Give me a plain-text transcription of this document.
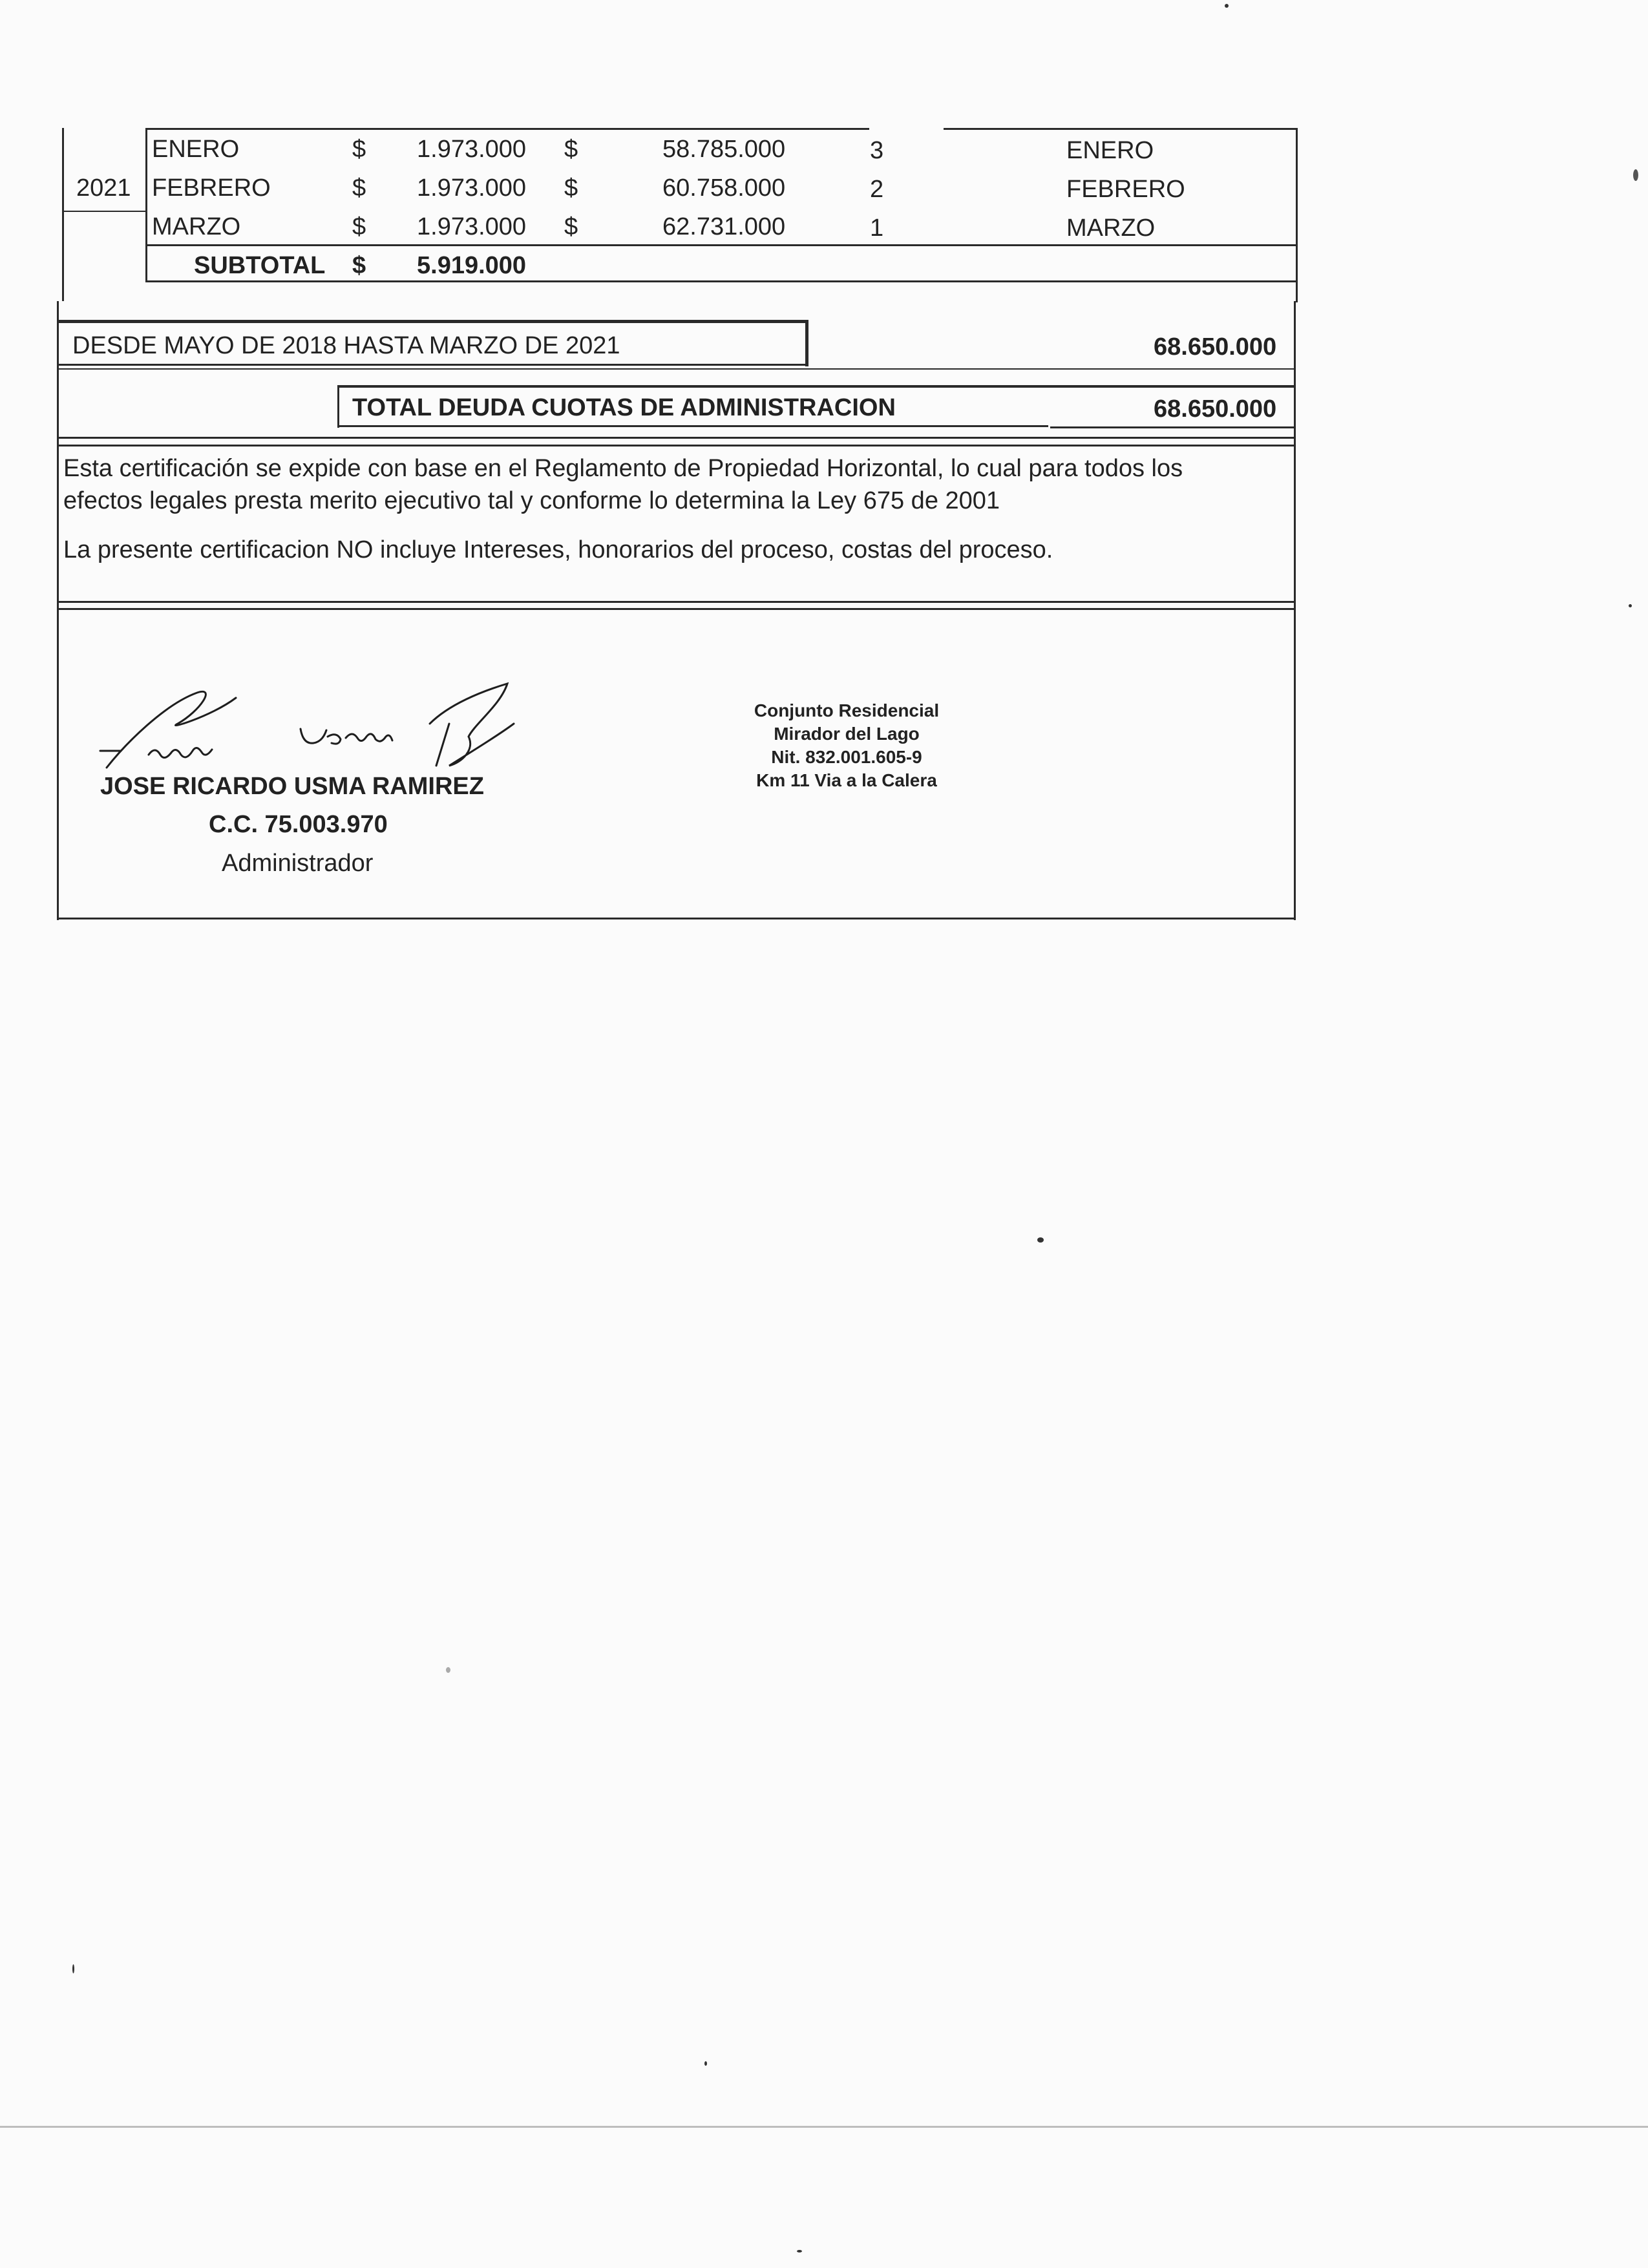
2021
ENERO	$ 1.973.000 $	58.785.000	3	ENERO
FEBRERO	$ 1.973.000 $	60.758.000	2	FEBRERO
MARZO	$ 1.973.000 $	62.731.000	1	MARZO
SUBTOTAL $ 5.919.000
DESDE MAYO DE 2018 HASTA MARZO DE 2021	68.650.000
TOTAL DEUDA CUOTAS DE ADMINISTRACION	68.650.000
Esta certificación se expide con base en el Reglamento de Propiedad Horizontal, lo cual para todos los
efectos legales presta merito ejecutivo tal y conforme lo determina la Ley 675 de 2001
La presente certificacion NO incluye Intereses, honorarios del proceso, costas del proceso.
JOSE RICARDO USMA RAMIREZ
C.C. 75.003.970
Administrador
Conjunto Residencial
Mirador del Lago
Nit. 832.001.605-9
Km 11 Via a la Calera
